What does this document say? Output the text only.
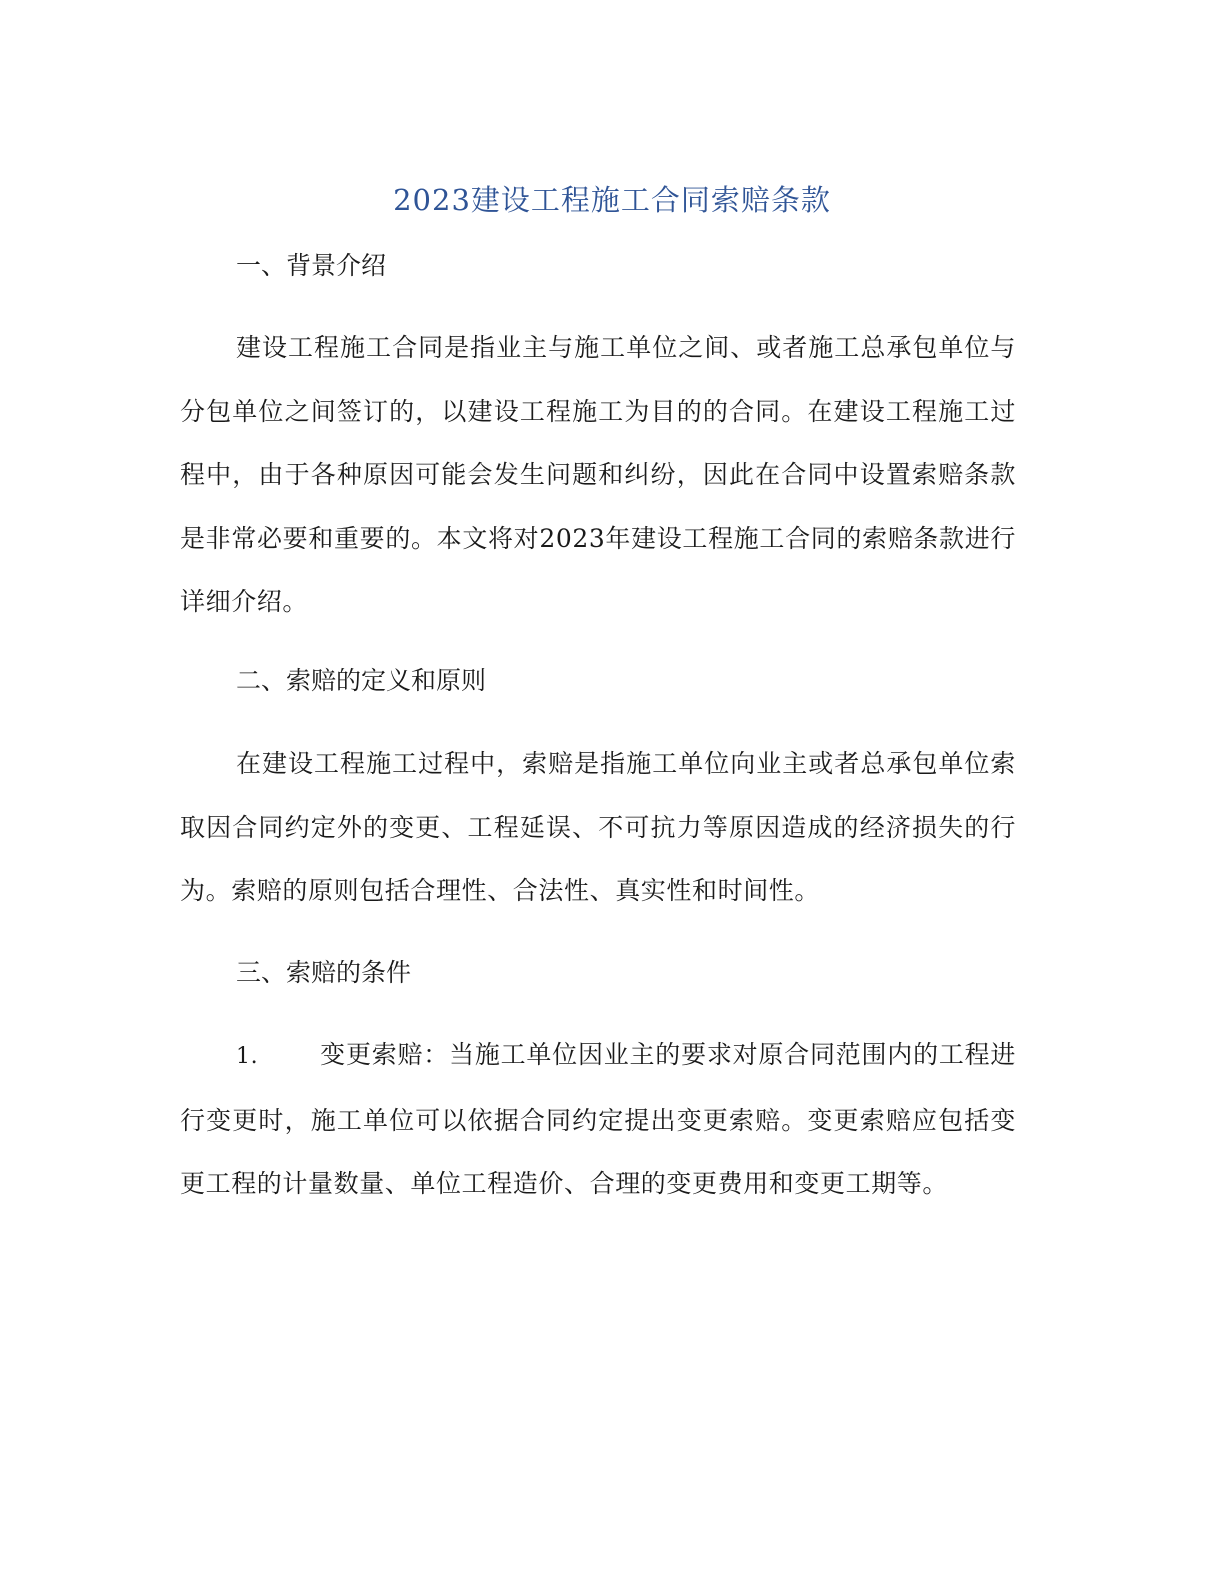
2023建设工程施工合同索赔条款
一、背景介绍
建设工程施工合同是指业主与施工单位之间、或者施工总承包单位与分包单位之间签订的，以建设工程施工为目的的合同。在建设工程施工过程中，由于各种原因可能会发生问题和纠纷，因此在合同中设置索赔条款是非常必要和重要的。本文将对2023年建设工程施工合同的索赔条款进行详细介绍。
二、索赔的定义和原则
在建设工程施工过程中，索赔是指施工单位向业主或者总承包单位索取因合同约定外的变更、工程延误、不可抗力等原因造成的经济损失的行为。索赔的原则包括合理性、合法性、真实性和时间性。
三、索赔的条件
1. 变更索赔：当施工单位因业主的要求对原合同范围内的工程进行变更时，施工单位可以依据合同约定提出变更索赔。变更索赔应包括变更工程的计量数量、单位工程造价、合理的变更费用和变更工期等。
